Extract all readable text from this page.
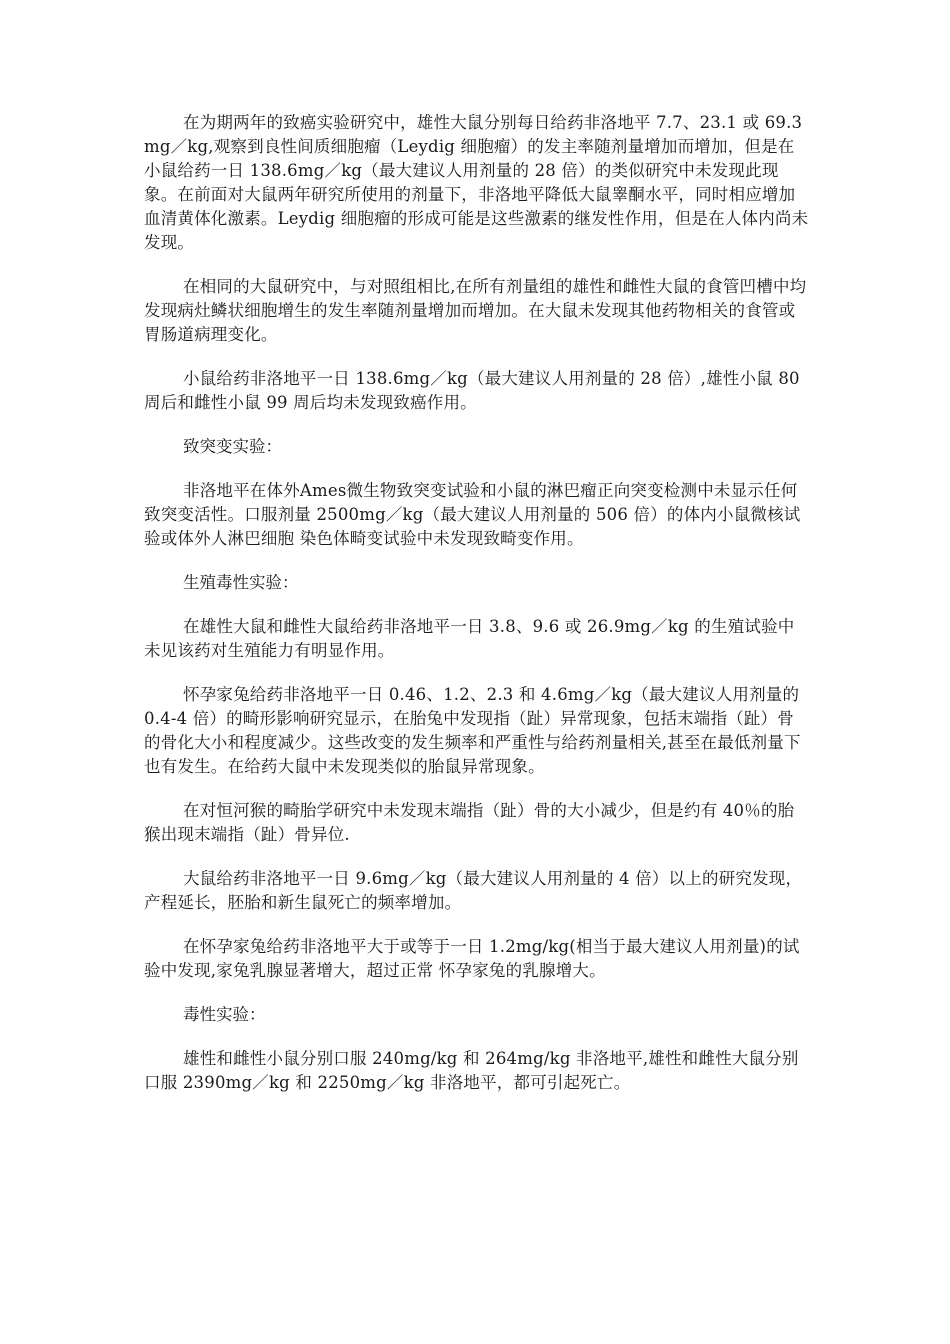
在为期两年的致癌实验研究中，雄性大鼠分别每日给药非洛地平 7.7、23.1 或 69.3mg／kg,观察到良性间质细胞瘤（Leydig 细胞瘤）的发主率随剂量增加而增加，但是在小鼠给药一日 138.6mg／kg（最大建议人用剂量的 28 倍）的类似研究中未发现此现象。在前面对大鼠两年研究所使用的剂量下，非洛地平降低大鼠睾酮水平，同时相应增加血清黄体化激素。Leydig 细胞瘤的形成可能是这些激素的继发性作用，但是在人体内尚未发现。

在相同的大鼠研究中，与对照组相比,在所有剂量组的雄性和雌性大鼠的食管凹槽中均发现病灶鳞状细胞增生的发生率随剂量增加而增加。在大鼠未发现其他药物相关的食管或胃肠道病理变化。

小鼠给药非洛地平一日 138.6mg／kg（最大建议人用剂量的 28 倍）,雄性小鼠 80 周后和雌性小鼠 99 周后均未发现致癌作用。

致突变实验：

非洛地平在体外Ames微生物致突变试验和小鼠的淋巴瘤正向突变检测中未显示任何致突变活性。口服剂量 2500mg／kg（最大建议人用剂量的 506 倍）的体内小鼠微核试验或体外人淋巴细胞 染色体畸变试验中未发现致畸变作用。

生殖毒性实验：

在雄性大鼠和雌性大鼠给药非洛地平一日 3.8、9.6 或 26.9mg／kg 的生殖试验中未见该药对生殖能力有明显作用。

怀孕家兔给药非洛地平一日 0.46、1.2、2.3 和 4.6mg／kg（最大建议人用剂量的 0.4-4 倍）的畸形影响研究显示，在胎兔中发现指（趾）异常现象，包括末端指（趾）骨的骨化大小和程度减少。这些改变的发生频率和严重性与给药剂量相关,甚至在最低剂量下也有发生。在给药大鼠中未发现类似的胎鼠异常现象。

在对恒河猴的畸胎学研究中未发现末端指（趾）骨的大小减少，但是约有 40％的胎猴出现末端指（趾）骨异位.

大鼠给药非洛地平一日 9.6mg／kg（最大建议人用剂量的 4 倍）以上的研究发现，产程延长，胚胎和新生鼠死亡的频率增加。

在怀孕家兔给药非洛地平大于或等于一日 1.2mg/kg(相当于最大建议人用剂量)的试验中发现,家兔乳腺显著增大，超过正常 怀孕家兔的乳腺增大。

毒性实验：

雄性和雌性小鼠分别口服 240mg/kg 和 264mg/kg 非洛地平,雄性和雌性大鼠分别口服 2390mg／kg 和 2250mg／kg 非洛地平，都可引起死亡。
